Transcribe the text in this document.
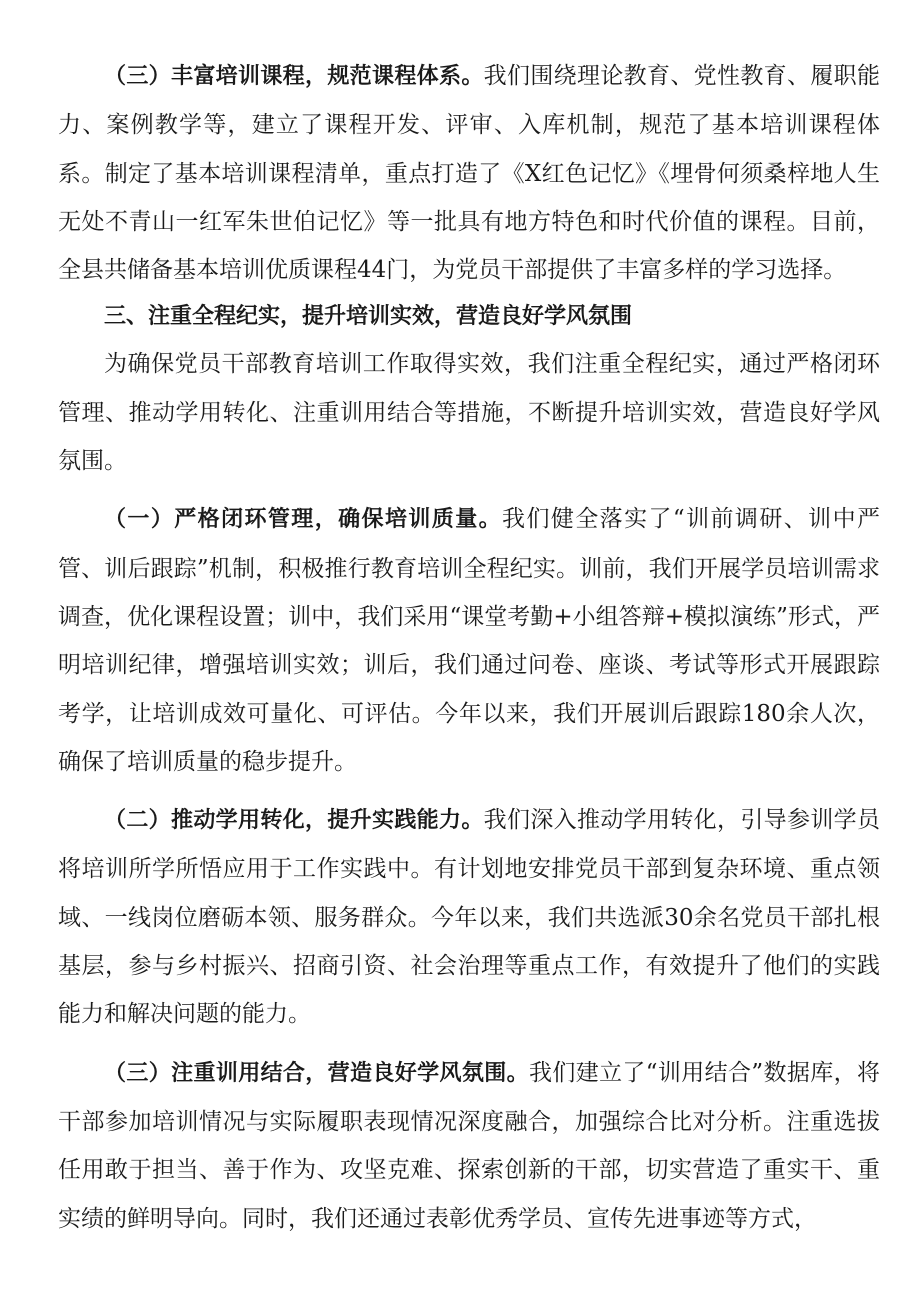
（三）丰富培训课程，规范课程体系。我们围绕理论教育、党性教育、履职能力、案例教学等，建立了课程开发、评审、入库机制，规范了基本培训课程体系。制定了基本培训课程清单，重点打造了《X红色记忆》《埋骨何须桑梓地人生无处不青山一红军朱世伯记忆》等一批具有地方特色和时代价值的课程。目前，全县共储备基本培训优质课程44门，为党员干部提供了丰富多样的学习选择。

三、注重全程纪实，提升培训实效，营造良好学风氛围

为确保党员干部教育培训工作取得实效，我们注重全程纪实，通过严格闭环管理、推动学用转化、注重训用结合等措施，不断提升培训实效，营造良好学风氛围。

（一）严格闭环管理，确保培训质量。我们健全落实了“训前调研、训中严管、训后跟踪”机制，积极推行教育培训全程纪实。训前，我们开展学员培训需求调查，优化课程设置；训中，我们采用“课堂考勤+小组答辩+模拟演练”形式，严明培训纪律，增强培训实效；训后，我们通过问卷、座谈、考试等形式开展跟踪考学，让培训成效可量化、可评估。今年以来，我们开展训后跟踪180余人次，确保了培训质量的稳步提升。

（二）推动学用转化，提升实践能力。我们深入推动学用转化，引导参训学员将培训所学所悟应用于工作实践中。有计划地安排党员干部到复杂环境、重点领域、一线岗位磨砺本领、服务群众。今年以来，我们共选派30余名党员干部扎根基层，参与乡村振兴、招商引资、社会治理等重点工作，有效提升了他们的实践能力和解决问题的能力。

（三）注重训用结合，营造良好学风氛围。我们建立了“训用结合”数据库，将干部参加培训情况与实际履职表现情况深度融合，加强综合比对分析。注重选拔任用敢于担当、善于作为、攻坚克难、探索创新的干部，切实营造了重实干、重实绩的鲜明导向。同时，我们还通过表彰优秀学员、宣传先进事迹等方式，
